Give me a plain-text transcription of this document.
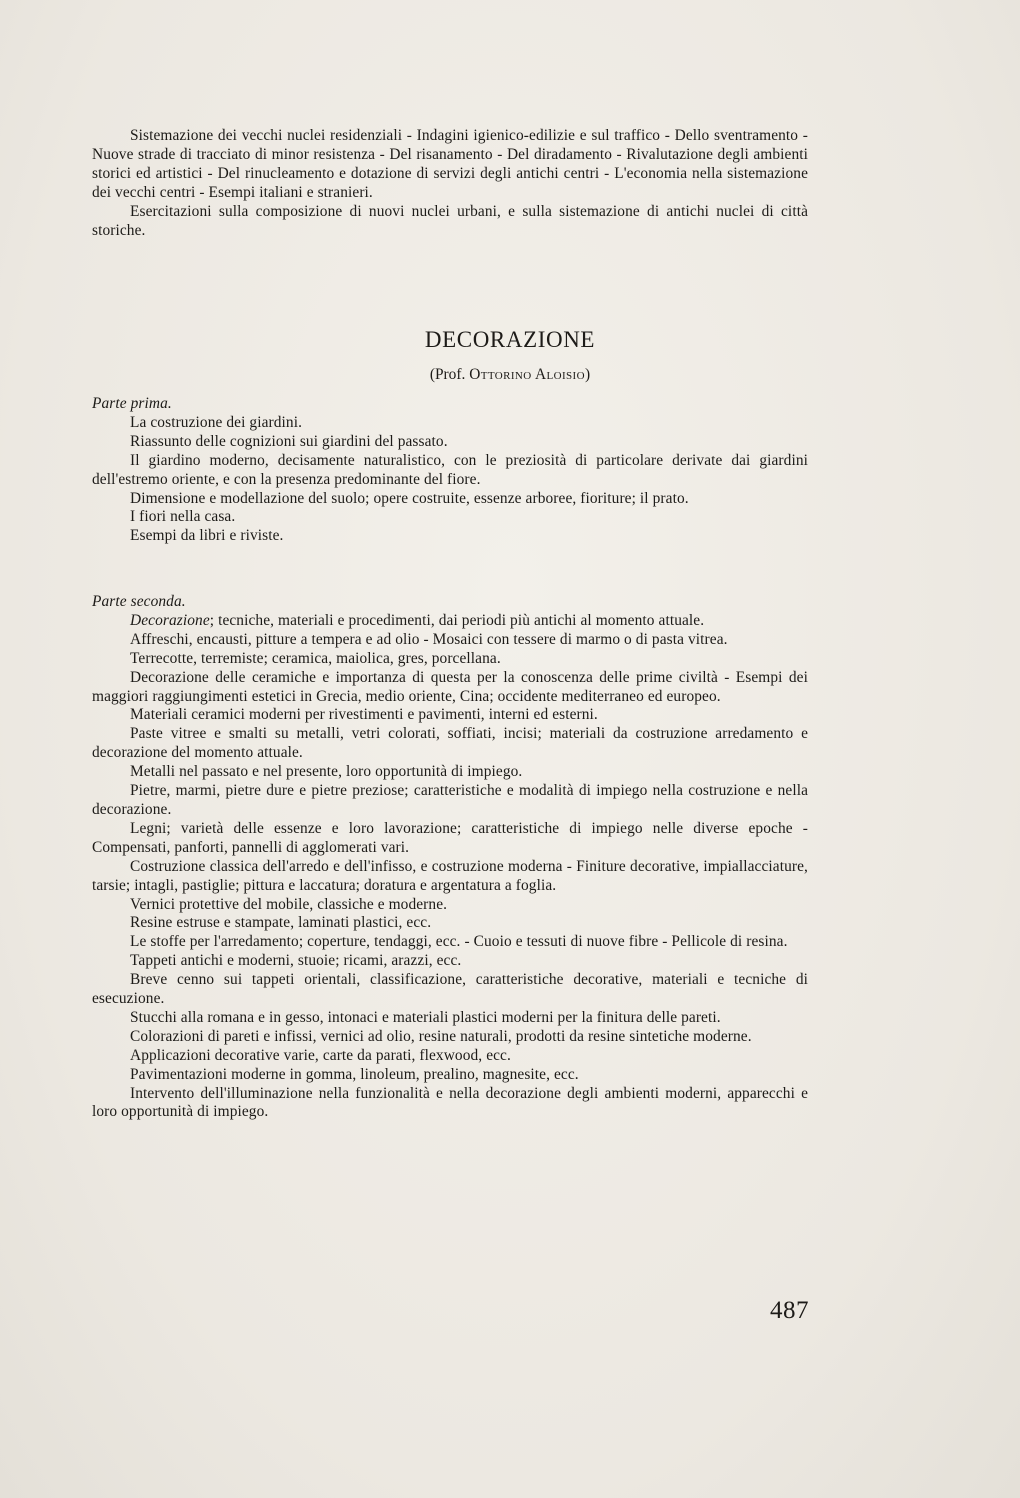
Sistemazione dei vecchi nuclei residenziali - Indagini igienico-edilizie e sul traffico - Dello sventramento - Nuove strade di tracciato di minor resistenza - Del risanamento - Del diradamento - Rivalutazione degli ambienti storici ed artistici - Del rinucleamento e dotazione di servizi degli antichi centri - L'economia nella sistemazione dei vecchi centri - Esempi italiani e stranieri.

Esercitazioni sulla composizione di nuovi nuclei urbani, e sulla sistemazione di antichi nuclei di città storiche.

DECORAZIONE
(Prof. Ottorino Aloisio)

Parte prima.

La costruzione dei giardini.

Riassunto delle cognizioni sui giardini del passato.

Il giardino moderno, decisamente naturalistico, con le preziosità di particolare derivate dai giardini dell'estremo oriente, e con la presenza predominante del fiore.

Dimensione e modellazione del suolo; opere costruite, essenze arboree, fioriture; il prato.

I fiori nella casa.

Esempi da libri e riviste.

Parte seconda.

Decorazione; tecniche, materiali e procedimenti, dai periodi più antichi al momento attuale.

Affreschi, encausti, pitture a tempera e ad olio - Mosaici con tessere di marmo o di pasta vitrea.

Terrecotte, terremiste; ceramica, maiolica, gres, porcellana.

Decorazione delle ceramiche e importanza di questa per la conoscenza delle prime civiltà - Esempi dei maggiori raggiungimenti estetici in Grecia, medio oriente, Cina; occidente mediterraneo ed europeo.

Materiali ceramici moderni per rivestimenti e pavimenti, interni ed esterni.

Paste vitree e smalti su metalli, vetri colorati, soffiati, incisi; materiali da costruzione arredamento e decorazione del momento attuale.

Metalli nel passato e nel presente, loro opportunità di impiego.

Pietre, marmi, pietre dure e pietre preziose; caratteristiche e modalità di impiego nella costruzione e nella decorazione.

Legni; varietà delle essenze e loro lavorazione; caratteristiche di impiego nelle diverse epoche - Compensati, panforti, pannelli di agglomerati vari.

Costruzione classica dell'arredo e dell'infisso, e costruzione moderna - Finiture decorative, impiallacciature, tarsie; intagli, pastiglie; pittura e laccatura; doratura e argentatura a foglia.

Vernici protettive del mobile, classiche e moderne.

Resine estruse e stampate, laminati plastici, ecc.

Le stoffe per l'arredamento; coperture, tendaggi, ecc. - Cuoio e tessuti di nuove fibre - Pellicole di resina.

Tappeti antichi e moderni, stuoie; ricami, arazzi, ecc.

Breve cenno sui tappeti orientali, classificazione, caratteristiche decorative, materiali e tecniche di esecuzione.

Stucchi alla romana e in gesso, intonaci e materiali plastici moderni per la finitura delle pareti.

Colorazioni di pareti e infissi, vernici ad olio, resine naturali, prodotti da resine sintetiche moderne.

Applicazioni decorative varie, carte da parati, flexwood, ecc.

Pavimentazioni moderne in gomma, linoleum, prealino, magnesite, ecc.

Intervento dell'illuminazione nella funzionalità e nella decorazione degli ambienti moderni, apparecchi e loro opportunità di impiego.

487
